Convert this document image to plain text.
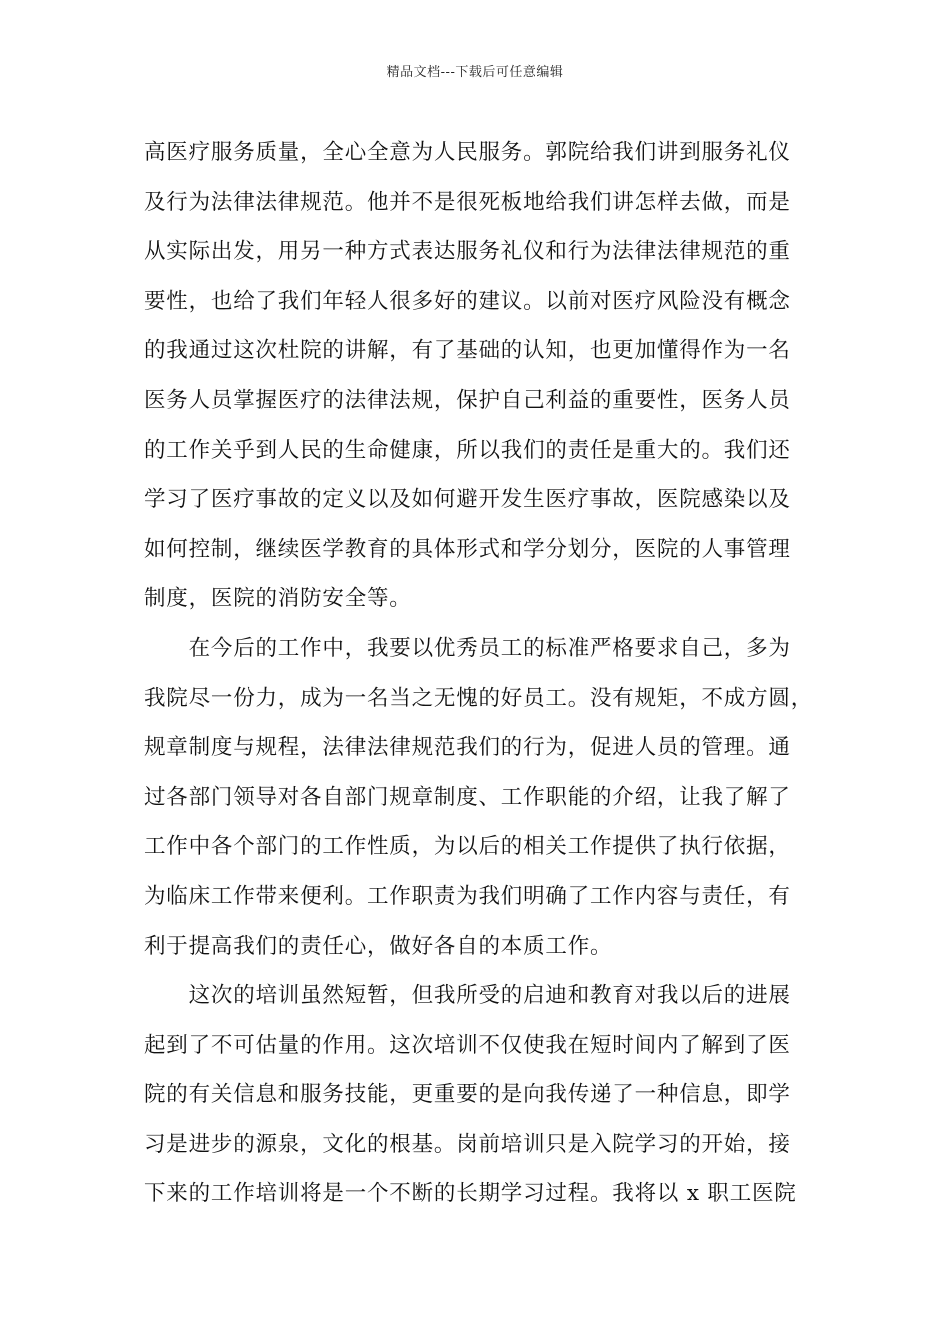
精品文档---下载后可任意编辑
高医疗服务质量，全心全意为人民服务。郭院给我们讲到服务礼仪
及行为法律法律规范。他并不是很死板地给我们讲怎样去做，而是
从实际出发，用另一种方式表达服务礼仪和行为法律法律规范的重
要性，也给了我们年轻人很多好的建议。以前对医疗风险没有概念
的我通过这次杜院的讲解，有了基础的认知，也更加懂得作为一名
医务人员掌握医疗的法律法规，保护自己利益的重要性，医务人员
的工作关乎到人民的生命健康，所以我们的责任是重大的。我们还
学习了医疗事故的定义以及如何避开发生医疗事故，医院感染以及
如何控制，继续医学教育的具体形式和学分划分，医院的人事管理
制度，医院的消防安全等。
　　在今后的工作中，我要以优秀员工的标准严格要求自己，多为
我院尽一份力，成为一名当之无愧的好员工。没有规矩，不成方圆，
规章制度与规程，法律法律规范我们的行为，促进人员的管理。通
过各部门领导对各自部门规章制度、工作职能的介绍，让我了解了
工作中各个部门的工作性质，为以后的相关工作提供了执行依据，
为临床工作带来便利。工作职责为我们明确了工作内容与责任，有
利于提高我们的责任心，做好各自的本质工作。
　　这次的培训虽然短暂，但我所受的启迪和教育对我以后的进展
起到了不可估量的作用。这次培训不仅使我在短时间内了解到了医
院的有关信息和服务技能，更重要的是向我传递了一种信息，即学
习是进步的源泉，文化的根基。岗前培训只是入院学习的开始，接
下来的工作培训将是一个不断的长期学习过程。我将以 x 职工医院
